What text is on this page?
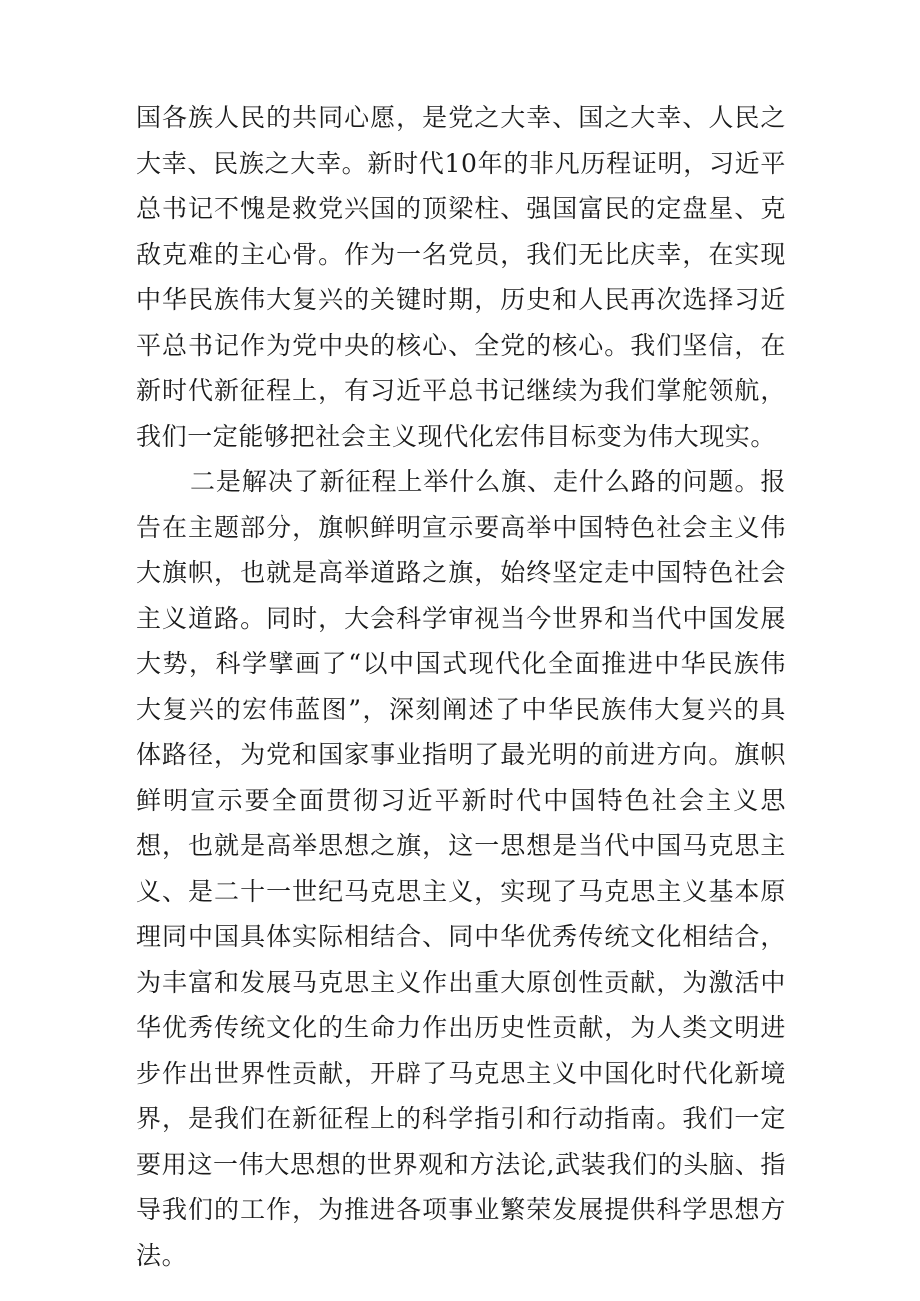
国各族人民的共同心愿，是党之大幸、国之大幸、人民之大幸、民族之大幸。新时代10年的非凡历程证明，习近平总书记不愧是救党兴国的顶梁柱、强国富民的定盘星、克敌克难的主心骨。作为一名党员，我们无比庆幸，在实现中华民族伟大复兴的关键时期，历史和人民再次选择习近平总书记作为党中央的核心、全党的核心。我们坚信，在新时代新征程上，有习近平总书记继续为我们掌舵领航，我们一定能够把社会主义现代化宏伟目标变为伟大现实。

二是解决了新征程上举什么旗、走什么路的问题。报告在主题部分，旗帜鲜明宣示要高举中国特色社会主义伟大旗帜，也就是高举道路之旗，始终坚定走中国特色社会主义道路。同时，大会科学审视当今世界和当代中国发展大势，科学擘画了“以中国式现代化全面推进中华民族伟大复兴的宏伟蓝图”，深刻阐述了中华民族伟大复兴的具体路径，为党和国家事业指明了最光明的前进方向。旗帜鲜明宣示要全面贯彻习近平新时代中国特色社会主义思想，也就是高举思想之旗，这一思想是当代中国马克思主义、是二十一世纪马克思主义，实现了马克思主义基本原理同中国具体实际相结合、同中华优秀传统文化相结合，为丰富和发展马克思主义作出重大原创性贡献，为激活中华优秀传统文化的生命力作出历史性贡献，为人类文明进步作出世界性贡献，开辟了马克思主义中国化时代化新境界，是我们在新征程上的科学指引和行动指南。我们一定要用这一伟大思想的世界观和方法论,武装我们的头脑、指导我们的工作，为推进各项事业繁荣发展提供科学思想方法。
